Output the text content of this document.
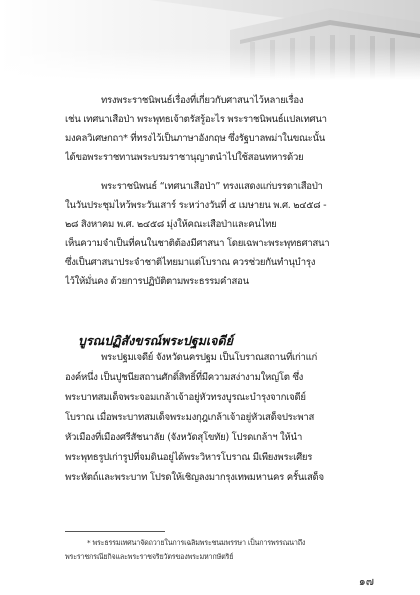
ทรงพระราชนิพนธ์เรื่องที่เกี่ยวกับศาสนาไว้หลายเรื่อง
เช่น เทศนาเสือป่า พระพุทธเจ้าตรัสรู้อะไร พระราชนิพนธ์แปลเทศนา
มงคลวิเศษกถา* ที่ทรงไว้เป็นภาษาอังกฤษ ซึ่งรัฐบาลพม่าในขณะนั้น
ได้ขอพระราชทานพระบรมราชานุญาตนำไปใช้สอนทหารด้วย
พระราชนิพนธ์ “เทศนาเสือป่า” ทรงแสดงแก่บรรดาเสือป่า
ในวันประชุมไหว้พระวันเสาร์ ระหว่างวันที่ ๕ เมษายน พ.ศ. ๒๔๕๘ -
๒๘ สิงหาคม พ.ศ. ๒๔๕๘ มุ่งให้คณะเสือป่าและคนไทย
เห็นความจำเป็นที่คนในชาติต้องมีศาสนา โดยเฉพาะพระพุทธศาสนา
ซึ่งเป็นศาสนาประจำชาติไทยมาแต่โบราณ ควรช่วยกันทำนุบำรุง
ไว้ให้มั่นคง ด้วยการปฏิบัติตามพระธรรมคำสอน
บูรณปฏิสังขรณ์พระปฐมเจดีย์
พระปฐมเจดีย์ จังหวัดนครปฐม เป็นโบราณสถานที่เก่าแก่
องค์หนึ่ง เป็นปูชนียสถานศักดิ์สิทธิ์ที่มีความสง่างามใหญ่โต ซึ่ง
พระบาทสมเด็จพระจอมเกล้าเจ้าอยู่หัวทรงบูรณะบำรุงจากเจดีย์
โบราณ เมื่อพระบาทสมเด็จพระมงกุฎเกล้าเจ้าอยู่หัวเสด็จประพาส
หัวเมืองที่เมืองศรีสัชนาลัย (จังหวัดสุโขทัย) โปรดเกล้าฯ ให้นำ
พระพุทธรูปเก่ารูปที่จมดินอยู่ได้พระวิหารโบราณ มีเพียงพระเศียร
พระหัตถ์และพระบาท โปรดให้เชิญลงมากรุงเทพมหานคร ครั้นเสด็จ
* พระธรรมเทศนาจัดถวายในการเฉลิมพระชนมพรรษา เป็นการพรรณนาถึง
พระราชกรณียกิจและพระราชจริยวัตรของพระมหากษัตริย์
๑๗
